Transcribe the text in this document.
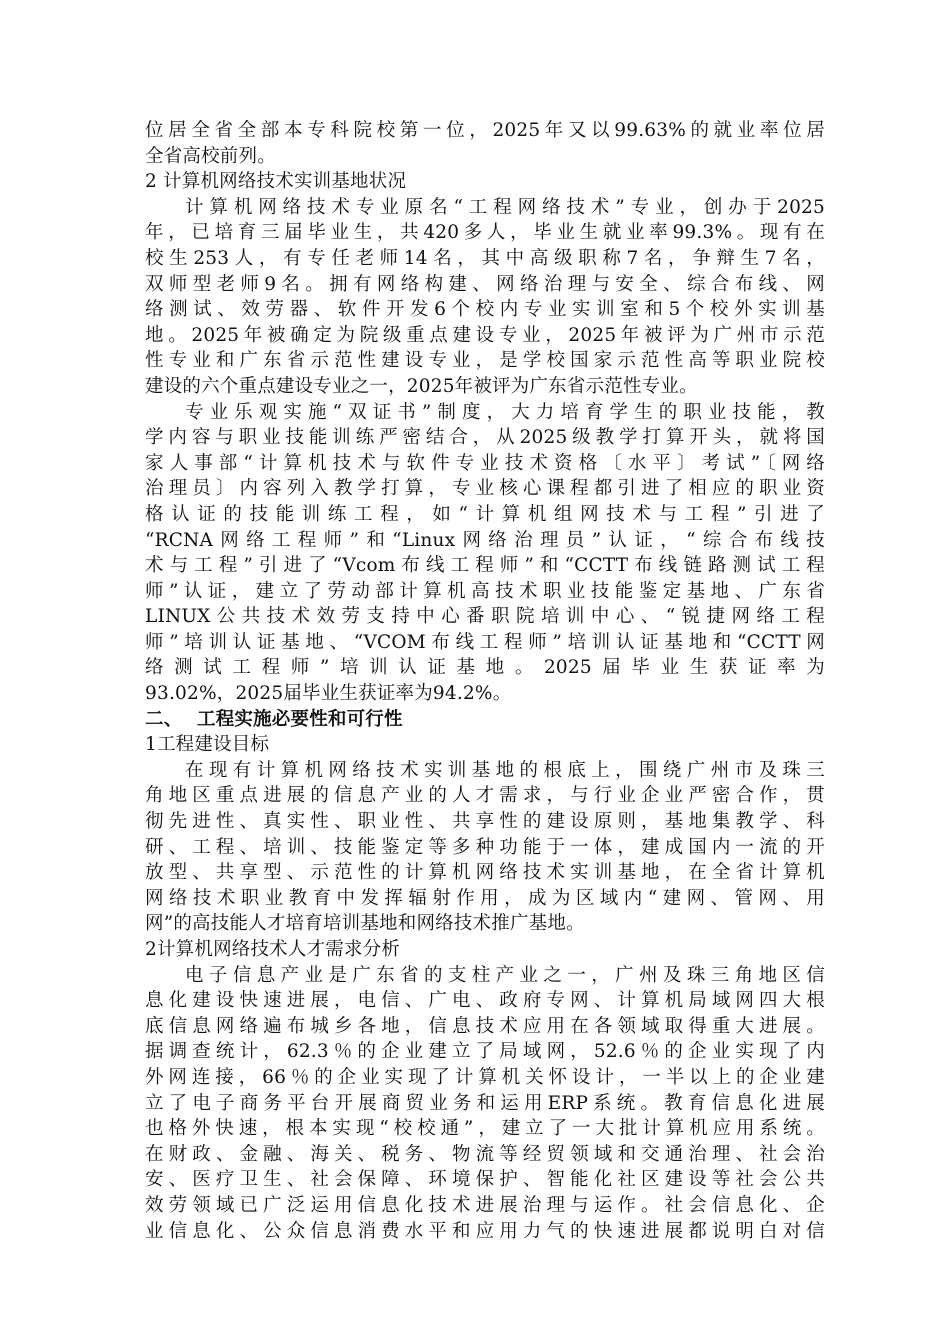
位居全省全部本专科院校第一位，2025年又以99.63%的就业率位居
全省高校前列。
2 计算机网络技术实训基地状况
计算机网络技术专业原名“工程网络技术”专业，创办于2025
年，已培育三届毕业生，共420多人，毕业生就业率99.3%。现有在
校生253人，有专任老师14名，其中高级职称7名，争辩生7名，
双师型老师9名。拥有网络构建、网络治理与安全、综合布线、网
络测试、效劳器、软件开发6个校内专业实训室和5个校外实训基
地。2025年被确定为院级重点建设专业，2025年被评为广州市示范
性专业和广东省示范性建设专业，是学校国家示范性高等职业院校
建设的六个重点建设专业之一，2025年被评为广东省示范性专业。
专业乐观实施“双证书”制度，大力培育学生的职业技能，教
学内容与职业技能训练严密结合，从2025级教学打算开头，就将国
家人事部“计算机技术与软件专业技术资格〔水平〕考试”〔网络
治理员〕内容列入教学打算，专业核心课程都引进了相应的职业资
格认证的技能训练工程，如“计算机组网技术与工程”引进了
“RCNA网络工程师”和“Linux网络治理员”认证，“综合布线技
术与工程”引进了“Vcom布线工程师”和“CCTT布线链路测试工程
师”认证，建立了劳动部计算机高技术职业技能鉴定基地、广东省
LINUX公共技术效劳支持中心番职院培训中心、“锐捷网络工程
师”培训认证基地、“VCOM布线工程师”培训认证基地和“CCTT网
络测试工程师”培训认证基地。2025届毕业生获证率为
93.02%，2025届毕业生获证率为94.2%。
二、 工程实施必要性和可行性
1工程建设目标
在现有计算机网络技术实训基地的根底上，围绕广州市及珠三
角地区重点进展的信息产业的人才需求，与行业企业严密合作，贯
彻先进性、真实性、职业性、共享性的建设原则，基地集教学、科
研、工程、培训、技能鉴定等多种功能于一体，建成国内一流的开
放型、共享型、示范性的计算机网络技术实训基地，在全省计算机
网络技术职业教育中发挥辐射作用，成为区域内“建网、管网、用
网”的高技能人才培育培训基地和网络技术推广基地。
2计算机网络技术人才需求分析
电子信息产业是广东省的支柱产业之一，广州及珠三角地区信
息化建设快速进展，电信、广电、政府专网、计算机局域网四大根
底信息网络遍布城乡各地，信息技术应用在各领域取得重大进展。
据调查统计，62.3％的企业建立了局域网，52.6％的企业实现了内
外网连接，66％的企业实现了计算机关怀设计，一半以上的企业建
立了电子商务平台开展商贸业务和运用ERP系统。教育信息化进展
也格外快速，根本实现“校校通”，建立了一大批计算机应用系统。
在财政、金融、海关、税务、物流等经贸领域和交通治理、社会治
安、医疗卫生、社会保障、环境保护、智能化社区建设等社会公共
效劳领域已广泛运用信息化技术进展治理与运作。社会信息化、企
业信息化、公众信息消费水平和应用力气的快速进展都说明白对信
